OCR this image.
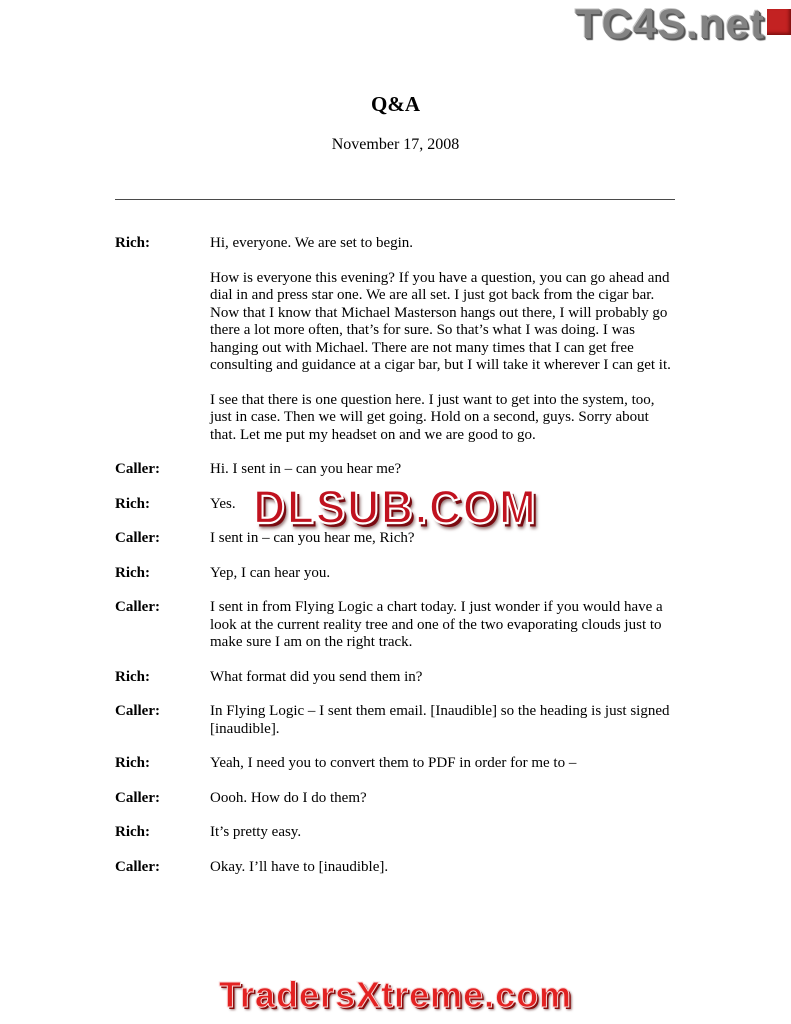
TC4S.net
Q&A
November 17, 2008
Rich:	Hi, everyone. We are set to begin.

How is everyone this evening? If you have a question, you can go ahead and dial in and press star one. We are all set. I just got back from the cigar bar. Now that I know that Michael Masterson hangs out there, I will probably go there a lot more often, that’s for sure. So that’s what I was doing. I was hanging out with Michael. There are not many times that I can get free consulting and guidance at a cigar bar, but I will take it wherever I can get it.

I see that there is one question here. I just want to get into the system, too, just in case. Then we will get going. Hold on a second, guys. Sorry about that. Let me put my headset on and we are good to go.

Caller:	Hi. I sent in – can you hear me?

Rich:	Yes.

Caller:	I sent in – can you hear me, Rich?

Rich:	Yep, I can hear you.

Caller:	I sent in from Flying Logic a chart today. I just wonder if you would have a look at the current reality tree and one of the two evaporating clouds just to make sure I am on the right track.

Rich:	What format did you send them in?

Caller:	In Flying Logic – I sent them email. [Inaudible] so the heading is just signed [inaudible].

Rich:	Yeah, I need you to convert them to PDF in order for me to –

Caller:	Oooh. How do I do them?

Rich:	It’s pretty easy.

Caller:	Okay. I’ll have to [inaudible].

DLSUB.COM
TradersXtreme.com
